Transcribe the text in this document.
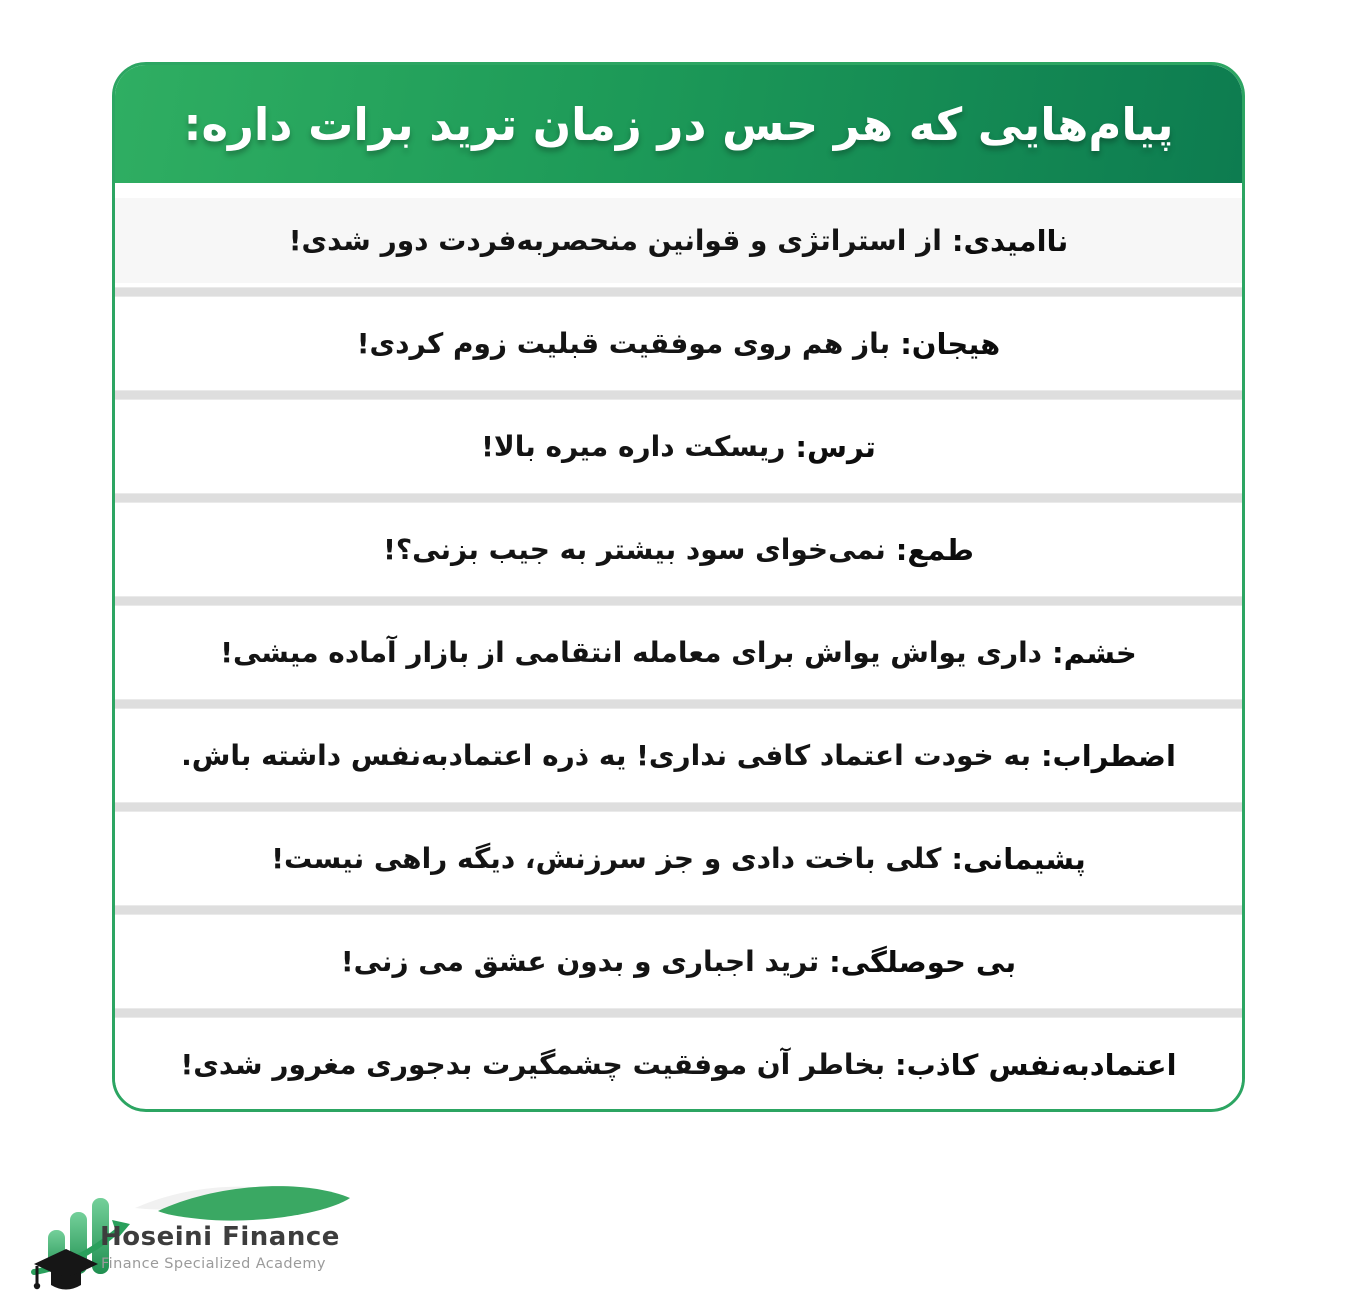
پیام‌هایی که هر حس در زمان ترید برات داره:
ناامیدی:
از استراتژی و قوانین منحصربه‌فردت دور شدی!
هیجان:
باز هم روی موفقیت قبلیت زوم کردی!
ترس:
ریسکت داره میره بالا!
طمع:
نمی‌خوای سود بیشتر به جیب بزنی؟!
خشم:
داری یواش یواش برای معامله انتقامی از بازار آماده میشی!
اضطراب:
به خودت اعتماد کافی نداری! یه ذره اعتمادبه‌نفس داشته باش.
پشیمانی:
کلی باخت دادی و جز سرزنش، دیگه راهی نیست!
بی حوصلگی:
ترید اجباری و بدون عشق می زنی!
اعتمادبه‌نفس کاذب:
بخاطر آن موفقیت چشمگیرت بدجوری مغرور شدی!
Hoseini Finance
Finance Specialized Academy
